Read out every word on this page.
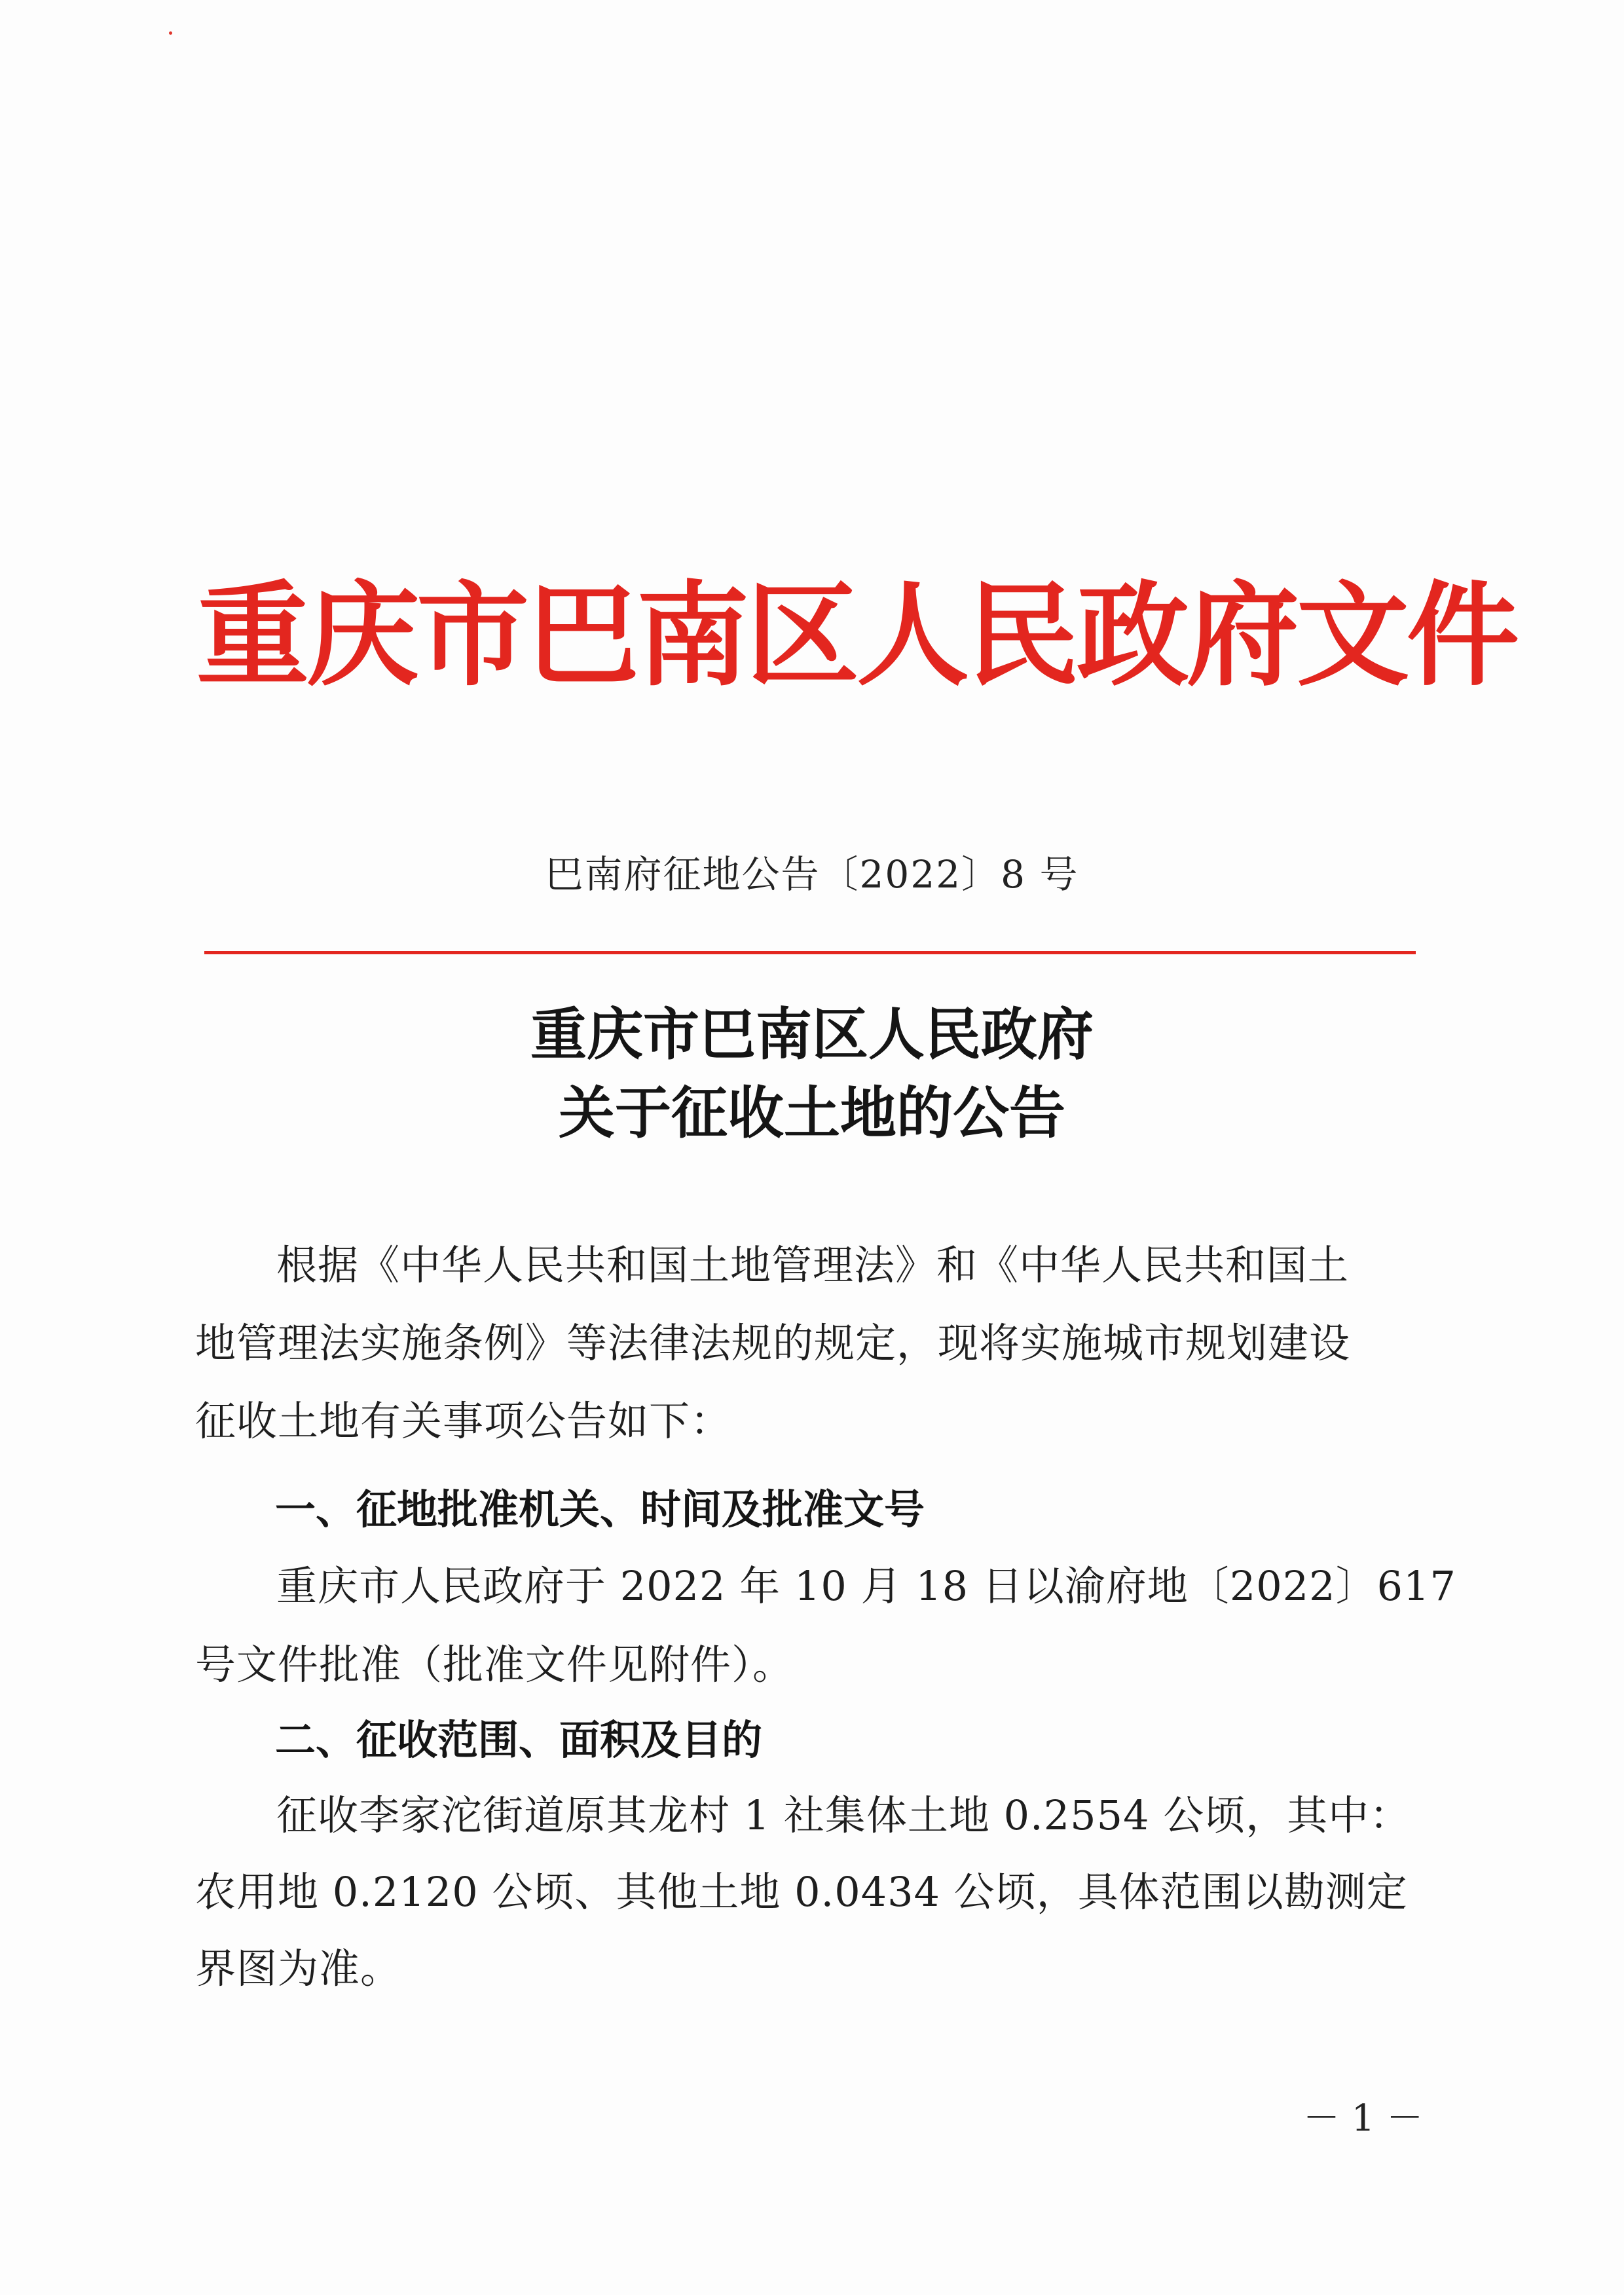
重庆市巴南区人民政府文件
巴南府征地公告〔2022〕8 号
重庆市巴南区人民政府
关于征收土地的公告
根据《中华人民共和国土地管理法》和《中华人民共和国土
地管理法实施条例》等法律法规的规定，现将实施城市规划建设
征收土地有关事项公告如下：
一、征地批准机关、时间及批准文号
重庆市人民政府于 2022 年 10 月 18 日以渝府地〔2022〕617
号文件批准（批准文件见附件）。
二、征收范围、面积及目的
征收李家沱街道原其龙村 1 社集体土地 0.2554 公顷，其中：
农用地 0.2120 公顷、其他土地 0.0434 公顷，具体范围以勘测定
界图为准。
－ 1 －
